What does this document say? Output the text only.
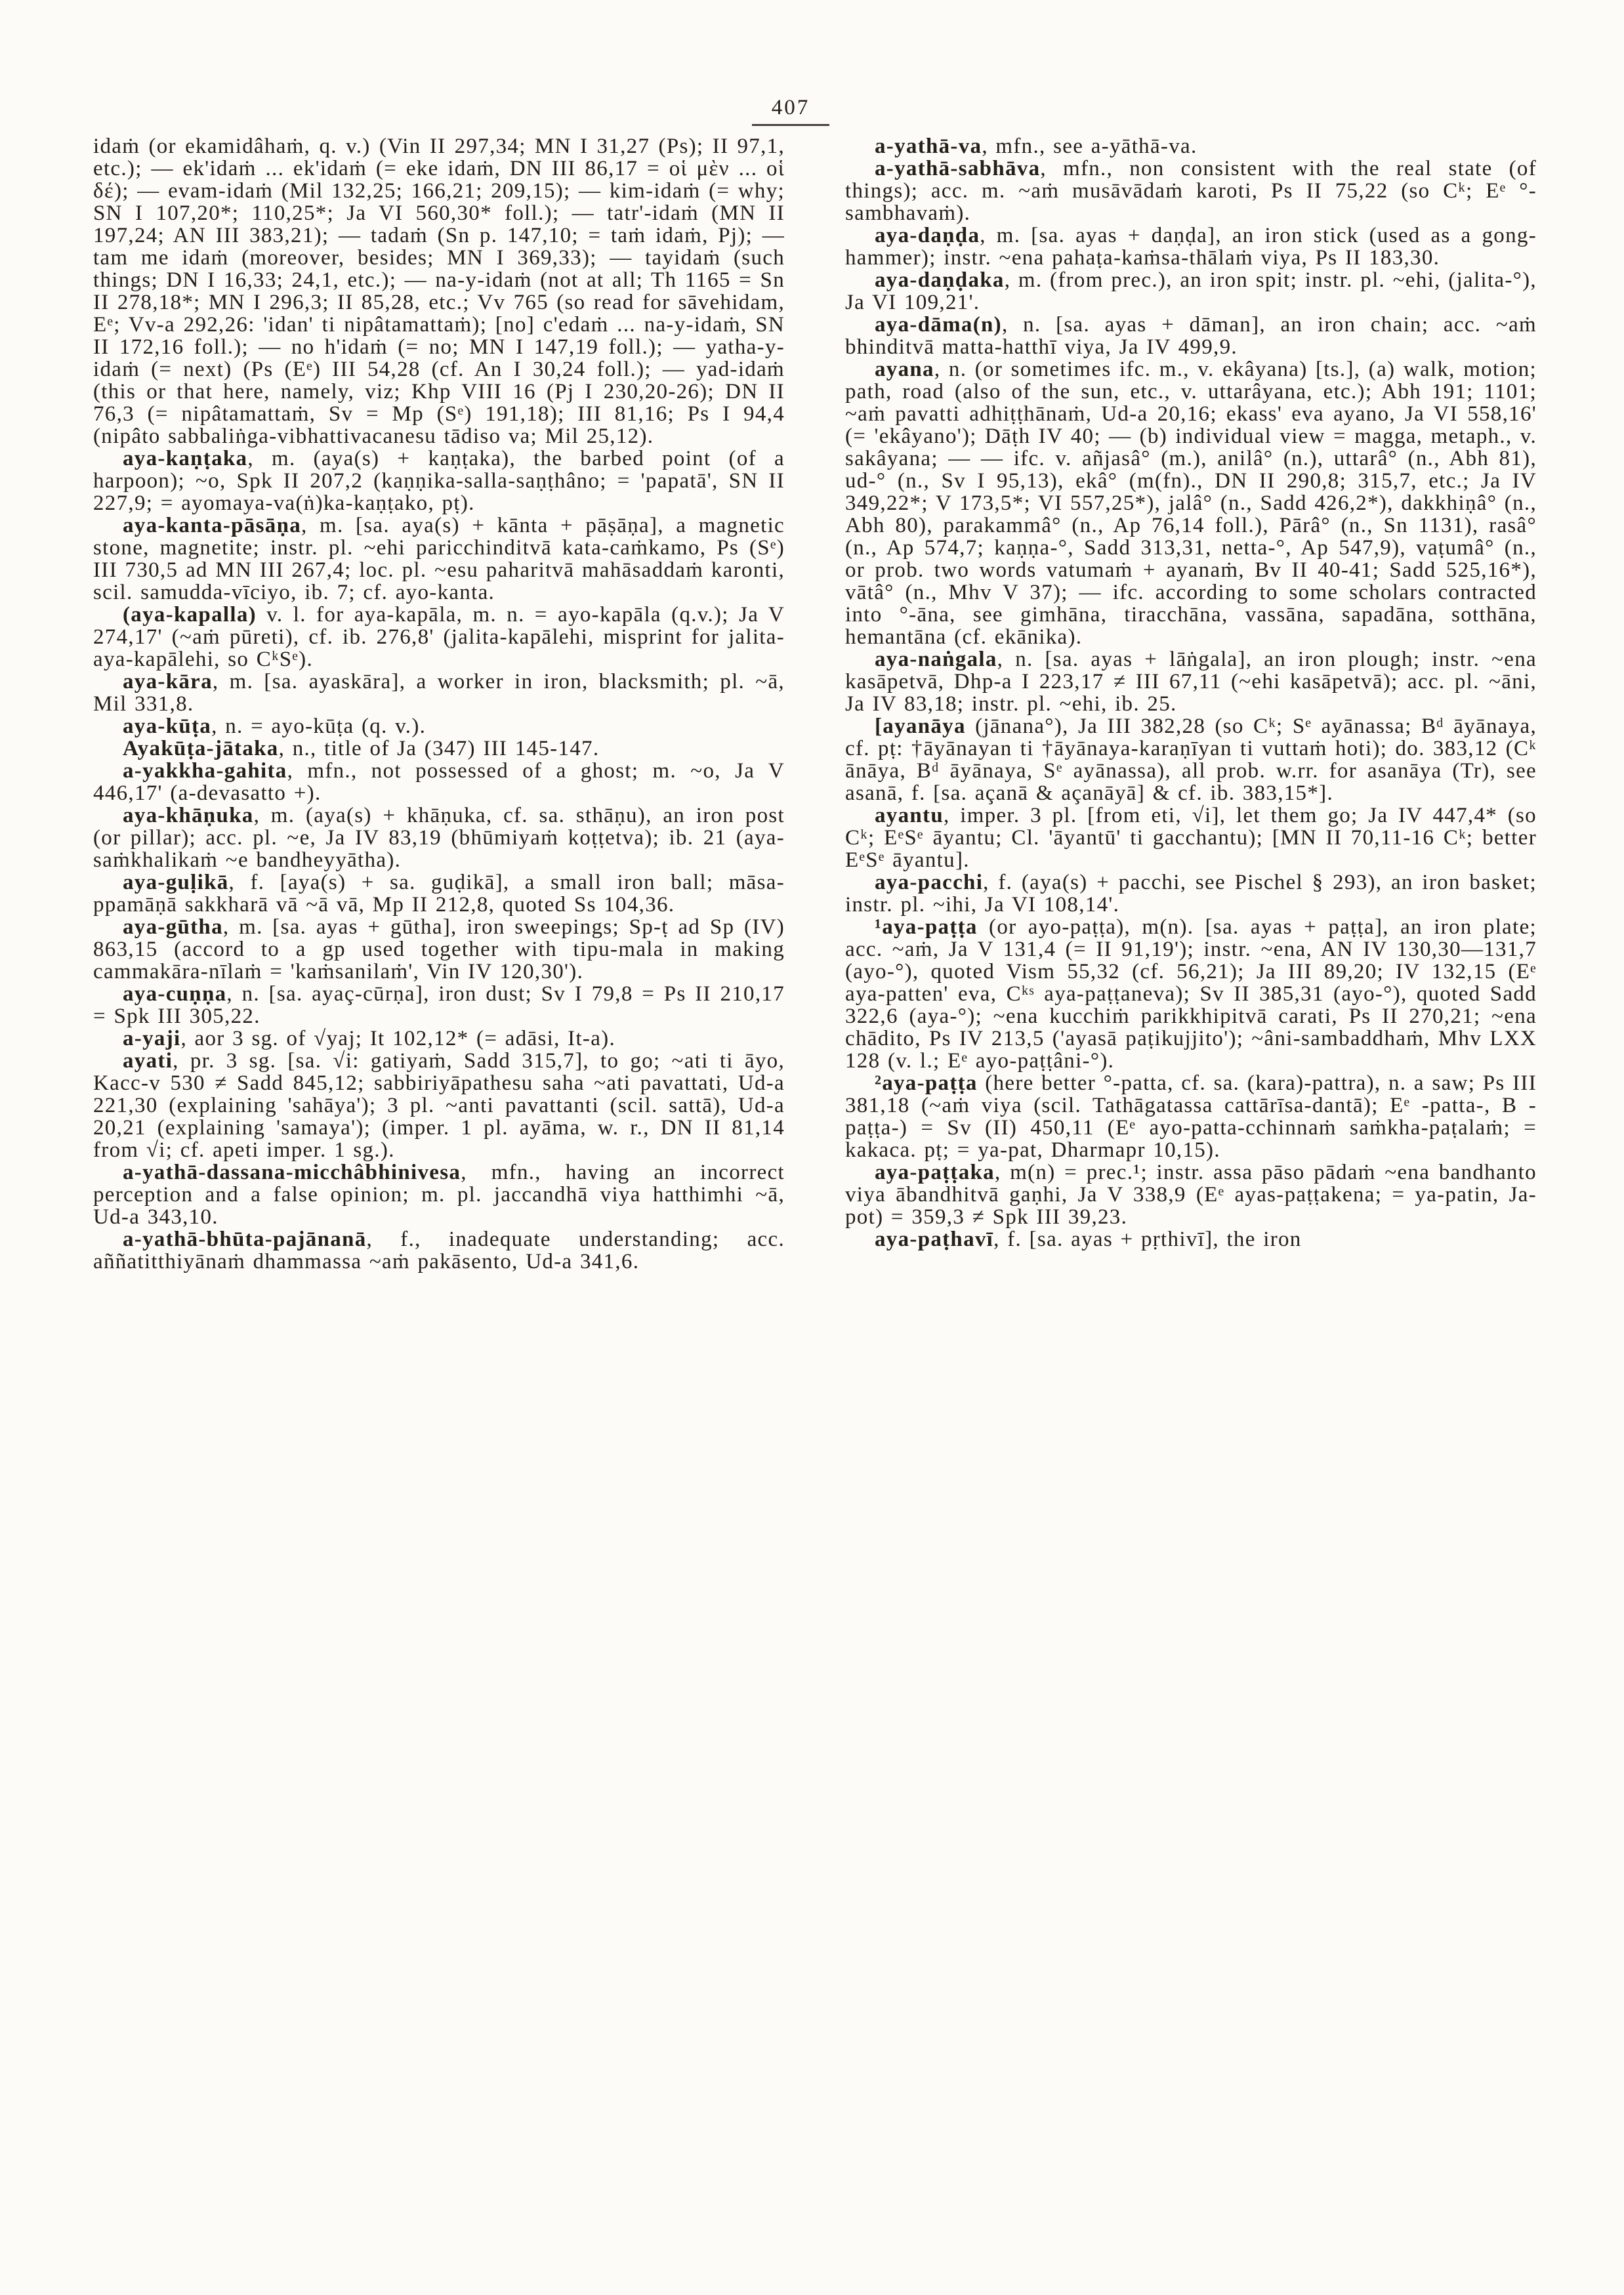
407

idaṁ (or ekamidâhaṁ, q. v.) (Vin II 297,34; MN I 31,27 (Ps); II 97,1, etc.); — ek'idaṁ ... ek'idaṁ (= eke idaṁ, DN III 86,17 = οἱ μὲν ... οἱ δέ); — evam-idaṁ (Mil 132,25; 166,21; 209,15); — kim-idaṁ (= why; SN I 107,20*; 110,25*; Ja VI 560,30* foll.); — tatr'-idaṁ (MN II 197,24; AN III 383,21); — tadaṁ (Sn p. 147,10; = taṁ idaṁ, Pj); — tam me idaṁ (moreover, besides; MN I 369,33); — tayidaṁ (such things; DN I 16,33; 24,1, etc.); — na-y-idaṁ (not at all; Th 1165 = Sn II 278,18*; MN I 296,3; II 85,28, etc.; Vv 765 (so read for sāvehidam, Eᵉ; Vv-a 292,26: 'idan' ti nipâtamattaṁ); [no] c'edaṁ ... na-y-idaṁ, SN II 172,16 foll.); — no h'idaṁ (= no; MN I 147,19 foll.); — yatha-y-idaṁ (= next) (Ps (Eᵉ) III 54,28 (cf. An I 30,24 foll.); — yad-idaṁ (this or that here, namely, viz; Khp VIII 16 (Pj I 230,20-26); DN II 76,3 (= nipâtamattaṁ, Sv = Mp (Sᵉ) 191,18); III 81,16; Ps I 94,4 (nipâto sabbaliṅga-vibhattivacanesu tādiso va; Mil 25,12).

aya-kaṇṭaka, m. (aya(s) + kaṇṭaka), the barbed point (of a harpoon); ~o, Spk II 207,2 (kaṇṇika-salla-saṇṭhâno; = 'papatā', SN II 227,9; = ayomaya-va(ṅ)ka-kaṇṭako, pṭ).

aya-kanta-pāsāṇa, m. [sa. aya(s) + kānta + pāṣāṇa], a magnetic stone, magnetite; instr. pl. ~ehi paricchinditvā kata-caṁkamo, Ps (Sᵉ) III 730,5 ad MN III 267,4; loc. pl. ~esu paharitvā mahāsaddaṁ karonti, scil. samudda-vīciyo, ib. 7; cf. ayo-kanta.

(aya-kapalla) v. l. for aya-kapāla, m. n. = ayo-kapāla (q.v.); Ja V 274,17' (~aṁ pūreti), cf. ib. 276,8' (jalita-kapālehi, misprint for jalita-aya-kapālehi, so CᵏSᵉ).

aya-kāra, m. [sa. ayaskāra], a worker in iron, blacksmith; pl. ~ā, Mil 331,8.

aya-kūṭa, n. = ayo-kūṭa (q. v.).

Ayakūṭa-jātaka, n., title of Ja (347) III 145-147.

a-yakkha-gahita, mfn., not possessed of a ghost; m. ~o, Ja V 446,17' (a-devasatto +).

aya-khāṇuka, m. (aya(s) + khāṇuka, cf. sa. sthāṇu), an iron post (or pillar); acc. pl. ~e, Ja IV 83,19 (bhūmiyaṁ koṭṭetva); ib. 21 (aya-saṁkhalikaṁ ~e bandheyyātha).

aya-guḷikā, f. [aya(s) + sa. guḍikā], a small iron ball; māsa-ppamāṇā sakkharā vā ~ā vā, Mp II 212,8, quoted Ss 104,36.

aya-gūtha, m. [sa. ayas + gūtha], iron sweepings; Sp-ṭ ad Sp (IV) 863,15 (accord to a gp used together with tipu-mala in making cammakāra-nīlaṁ = 'kaṁsanilaṁ', Vin IV 120,30').

aya-cuṇṇa, n. [sa. ayaç-cūrṇa], iron dust; Sv I 79,8 = Ps II 210,17 = Spk III 305,22.

a-yaji, aor 3 sg. of √yaj; It 102,12* (= adāsi, It-a).

ayati, pr. 3 sg. [sa. √i: gatiyaṁ, Sadd 315,7], to go; ~ati ti āyo, Kacc-v 530 ≠ Sadd 845,12; sabbiriyāpathesu saha ~ati pavattati, Ud-a 221,30 (explaining 'sahāya'); 3 pl. ~anti pavattanti (scil. sattā), Ud-a 20,21 (explaining 'samaya'); (imper. 1 pl. ayāma, w. r., DN II 81,14 from √i; cf. apeti imper. 1 sg.).

a-yathā-dassana-micchâbhinivesa, mfn., having an incorrect perception and a false opinion; m. pl. jaccandhā viya hatthimhi ~ā, Ud-a 343,10.

a-yathā-bhūta-pajānanā, f., inadequate understanding; acc. aññatitthiyānaṁ dhammassa ~aṁ pakāsento, Ud-a 341,6.

a-yathā-va, mfn., see a-yāthā-va.

a-yathā-sabhāva, mfn., non consistent with the real state (of things); acc. m. ~aṁ musāvādaṁ karoti, Ps II 75,22 (so Cᵏ; Eᵉ °-sambhavaṁ).

aya-daṇḍa, m. [sa. ayas + daṇḍa], an iron stick (used as a gong-hammer); instr. ~ena pahaṭa-kaṁsa-thālaṁ viya, Ps II 183,30.

aya-daṇḍaka, m. (from prec.), an iron spit; instr. pl. ~ehi, (jalita-°), Ja VI 109,21'.

aya-dāma(n), n. [sa. ayas + dāman], an iron chain; acc. ~aṁ bhinditvā matta-hatthī viya, Ja IV 499,9.

ayana, n. (or sometimes ifc. m., v. ekâyana) [ts.], (a) walk, motion; path, road (also of the sun, etc., v. uttarâyana, etc.); Abh 191; 1101; ~aṁ pavatti adhiṭṭhānaṁ, Ud-a 20,16; ekass' eva ayano, Ja VI 558,16' (= 'ekâyano'); Dāṭh IV 40; — (b) individual view = magga, metaph., v. sakâyana; — — ifc. v. añjasâ° (m.), anilâ° (n.), uttarâ° (n., Abh 81), ud-° (n., Sv I 95,13), ekâ° (m(fn)., DN II 290,8; 315,7, etc.; Ja IV 349,22*; V 173,5*; VI 557,25*), jalâ° (n., Sadd 426,2*), dakkhiṇâ° (n., Abh 80), parakammâ° (n., Ap 76,14 foll.), Pārâ° (n., Sn 1131), rasâ° (n., Ap 574,7; kaṇṇa-°, Sadd 313,31, netta-°, Ap 547,9), vaṭumâ° (n., or prob. two words vatumaṁ + ayanaṁ, Bv II 40-41; Sadd 525,16*), vātâ° (n., Mhv V 37); — ifc. according to some scholars contracted into °-āna, see gimhāna, tiracchāna, vassāna, sapadāna, sotthāna, hemantāna (cf. ekānika).

aya-naṅgala, n. [sa. ayas + lāṅgala], an iron plough; instr. ~ena kasāpetvā, Dhp-a I 223,17 ≠ III 67,11 (~ehi kasāpetvā); acc. pl. ~āni, Ja IV 83,18; instr. pl. ~ehi, ib. 25.

[ayanāya (jānana°), Ja III 382,28 (so Cᵏ; Sᵉ ayānassa; Bᵈ āyānaya, cf. pṭ: †āyānayan ti †āyānaya-karaṇīyan ti vuttaṁ hoti); do. 383,12 (Cᵏ ānāya, Bᵈ āyānaya, Sᵉ ayānassa), all prob. w.rr. for asanāya (Tr), see asanā, f. [sa. açanā & açanāyā] & cf. ib. 383,15*].

ayantu, imper. 3 pl. [from eti, √i], let them go; Ja IV 447,4* (so Cᵏ; EᵉSᵉ āyantu; Cl. 'āyantū' ti gacchantu); [MN II 70,11-16 Cᵏ; better EᵉSᵉ āyantu].

aya-pacchi, f. (aya(s) + pacchi, see Pischel § 293), an iron basket; instr. pl. ~ihi, Ja VI 108,14'.

¹aya-paṭṭa (or ayo-paṭṭa), m(n). [sa. ayas + paṭṭa], an iron plate; acc. ~aṁ, Ja V 131,4 (= II 91,19'); instr. ~ena, AN IV 130,30—131,7 (ayo-°), quoted Vism 55,32 (cf. 56,21); Ja III 89,20; IV 132,15 (Eᵉ aya-patten' eva, Cᵏˢ aya-paṭṭaneva); Sv II 385,31 (ayo-°), quoted Sadd 322,6 (aya-°); ~ena kucchiṁ parikkhipitvā carati, Ps II 270,21; ~ena chādito, Ps IV 213,5 ('ayasā paṭikujjito'); ~âni-sambaddhaṁ, Mhv LXX 128 (v. l.; Eᵉ ayo-paṭṭâni-°).

²aya-paṭṭa (here better °-patta, cf. sa. (kara)-pattra), n. a saw; Ps III 381,18 (~aṁ viya (scil. Tathāgatassa cattārīsa-dantā); Eᵉ -patta-, B -paṭṭa-) = Sv (II) 450,11 (Eᵉ ayo-patta-cchinnaṁ saṁkha-paṭalaṁ; = kakaca. pṭ; = ya-pat, Dharmapr 10,15).

aya-paṭṭaka, m(n) = prec.¹; instr. assa pāso pādaṁ ~ena bandhanto viya ābandhitvā gaṇhi, Ja V 338,9 (Eᵉ ayas-paṭṭakena; = ya-patin, Ja-pot) = 359,3 ≠ Spk III 39,23.

aya-paṭhavī, f. [sa. ayas + pṛthivī], the iron
